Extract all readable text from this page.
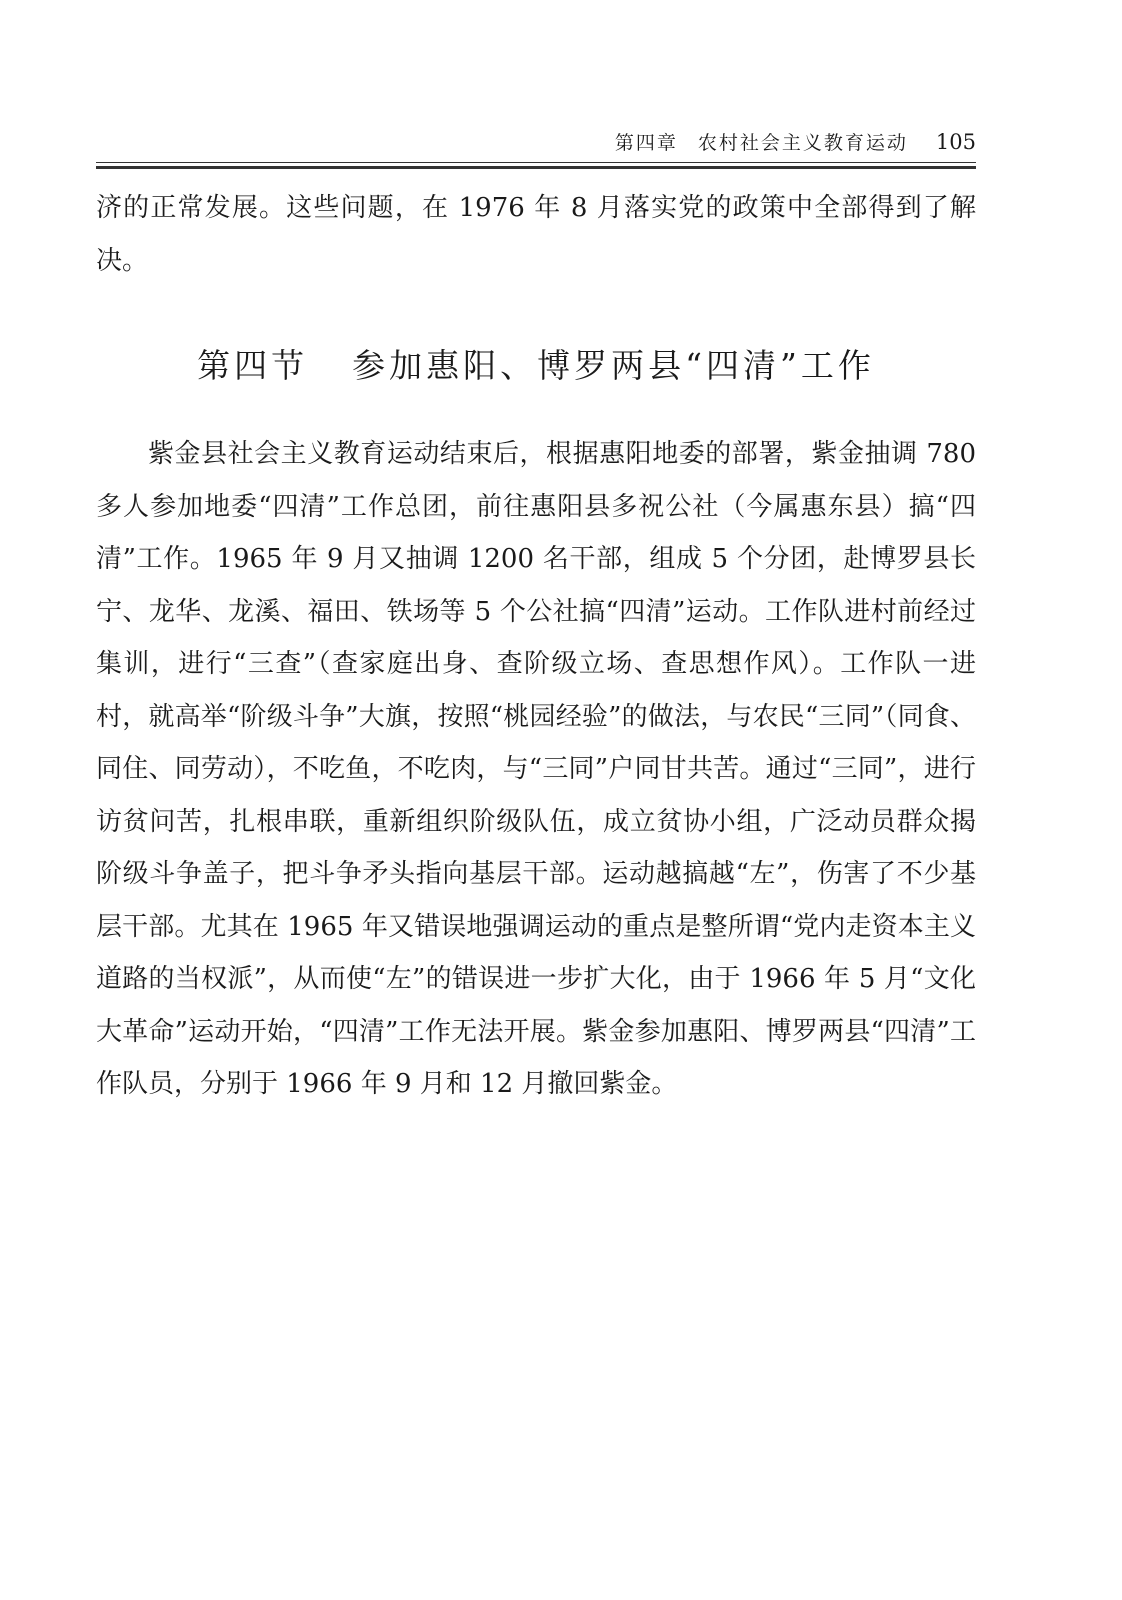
第四章 农村社会主义教育运动 105

济的正常发展。这些问题，在 1976 年 8 月落实党的政策中全部得到了解决。

第四节 参加惠阳、博罗两县“四清”工作

紫金县社会主义教育运动结束后，根据惠阳地委的部署，紫金抽调 780 多人参加地委“四清”工作总团，前往惠阳县多祝公社（今属惠东县）搞“四清”工作。1965 年 9 月又抽调 1200 名干部，组成 5 个分团，赴博罗县长宁、龙华、龙溪、福田、铁场等 5 个公社搞“四清”运动。工作队进村前经过集训，进行“三查”（查家庭出身、查阶级立场、查思想作风）。工作队一进村，就高举“阶级斗争”大旗，按照“桃园经验”的做法，与农民“三同”（同食、同住、同劳动），不吃鱼，不吃肉，与“三同”户同甘共苦。通过“三同”，进行访贫问苦，扎根串联，重新组织阶级队伍，成立贫协小组，广泛动员群众揭阶级斗争盖子，把斗争矛头指向基层干部。运动越搞越“左”，伤害了不少基层干部。尤其在 1965 年又错误地强调运动的重点是整所谓“党内走资本主义道路的当权派”，从而使“左”的错误进一步扩大化，由于 1966 年 5 月“文化大革命”运动开始，“四清”工作无法开展。紫金参加惠阳、博罗两县“四清”工作队员，分别于 1966 年 9 月和 12 月撤回紫金。
